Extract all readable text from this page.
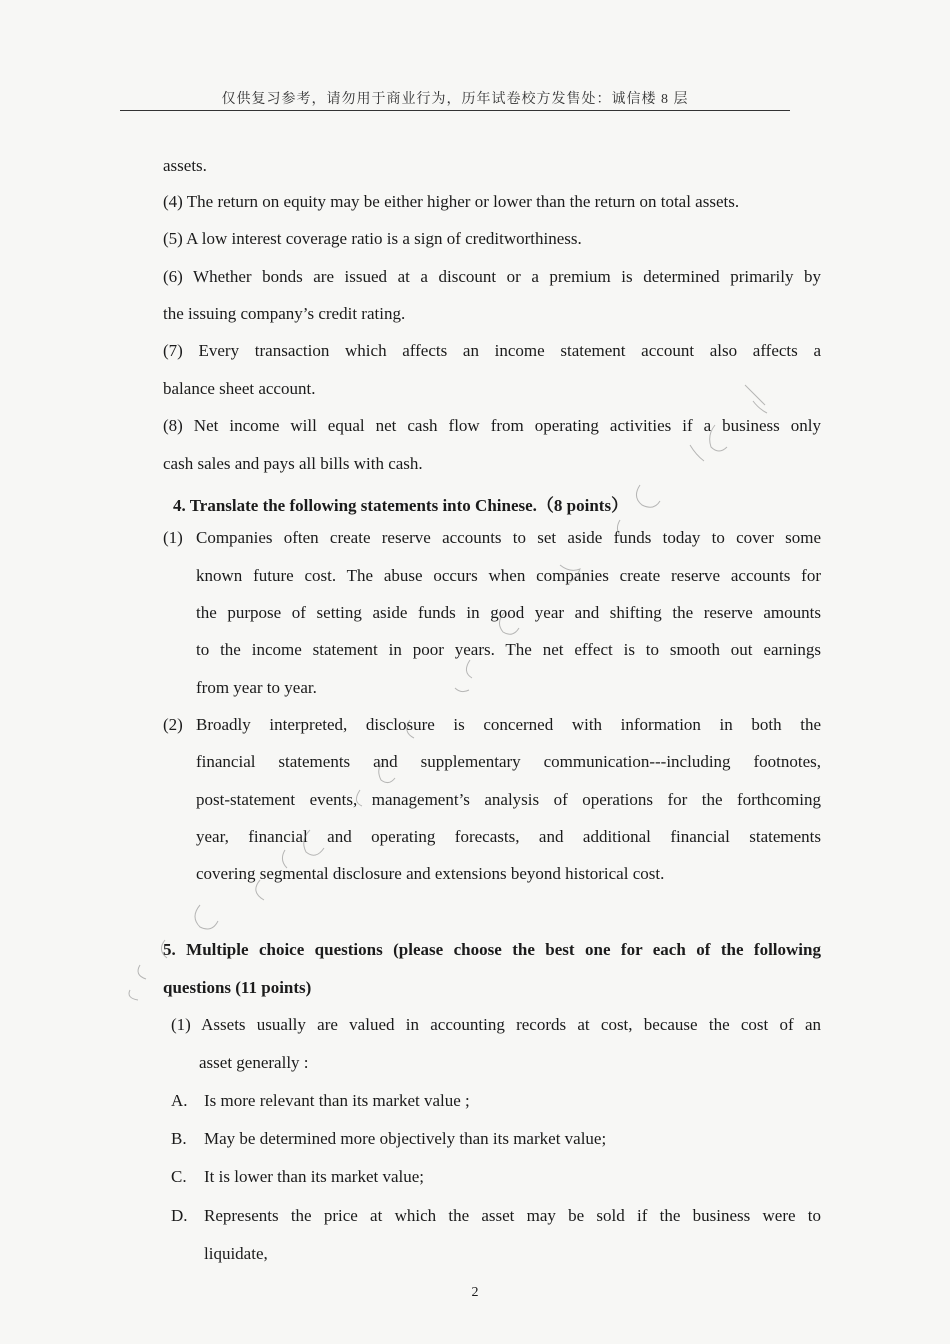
仅供复习参考，请勿用于商业行为，历年试卷校方发售处：诚信楼 8 层
assets.
(4) The return on equity may be either higher or lower than the return on total assets.
(5) A low interest coverage ratio is a sign of creditworthiness.
(6) Whether bonds are issued at a discount or a premium is determined primarily by
the issuing company’s credit rating.
(7) Every transaction which affects an income statement account also affects a
balance sheet account.
(8) Net income will equal net cash flow from operating activities if a business only
cash sales and pays all bills with cash.
4. Translate the following statements into Chinese.（8 points）
(1) Companies often create reserve accounts to set aside funds today to cover some
known future cost. The abuse occurs when companies create reserve accounts for
the purpose of setting aside funds in good year and shifting the reserve amounts
to the income statement in poor years. The net effect is to smooth out earnings
from year to year.
(2) Broadly interpreted, disclosure is concerned with information in both the
financial statements and supplementary communication---including footnotes,
post-statement events, management’s analysis of operations for the forthcoming
year, financial and operating forecasts, and additional financial statements
covering segmental disclosure and extensions beyond historical cost.
5. Multiple choice questions (please choose the best one for each of the following
questions (11 points)
(1) Assets usually are valued in accounting records at cost, because the cost of an
asset generally :
A. Is more relevant than its market value ;
B. May be determined more objectively than its market value;
C. It is lower than its market value;
D. Represents the price at which the asset may be sold if the business were to
liquidate,
2
